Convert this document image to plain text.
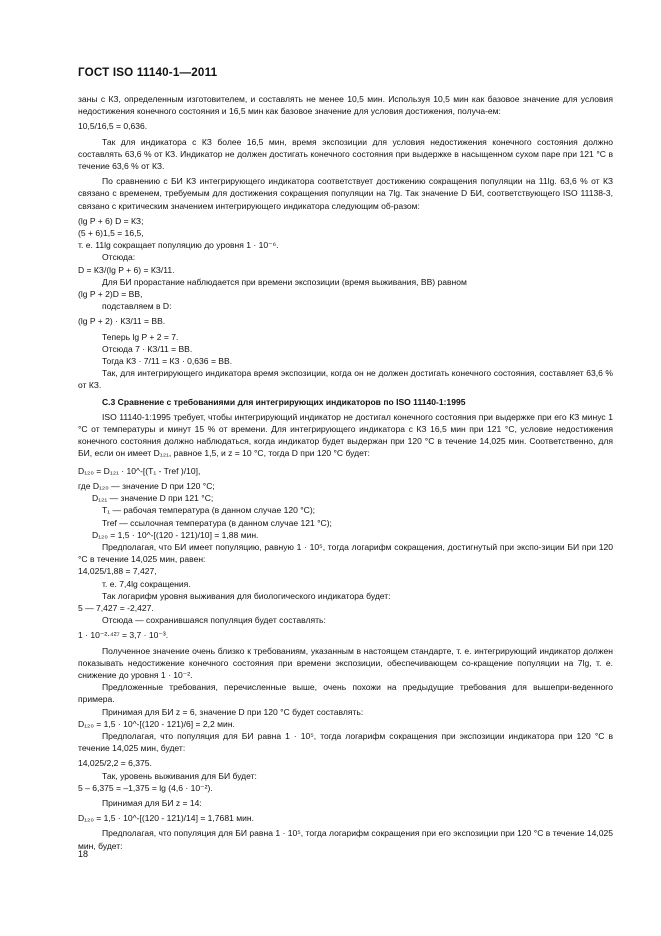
ГОСТ ISO 11140-1—2011

заны с КЗ, определенным изготовителем, и составлять не менее 10,5 мин. Используя 10,5 мин как базовое значение для условия недостижения конечного состояния и 16,5 мин как базовое значение для условия достижения, получа-ем:

10,5/16,5 = 0,636.

Так для индикатора с КЗ более 16,5 мин, время экспозиции для условия недостижения конечного состояния должно составлять 63,6 % от КЗ. Индикатор не должен достигать конечного состояния при выдержке в насыщенном сухом паре при 121 °С в течение 63,6 % от КЗ.

По сравнению с БИ КЗ интегрирующего индикатора соответствует достижению сокращения популяции на 11lg. 63,6 % от КЗ связано с временем, требуемым для достижения сокращения популяции на 7lg. Так значение D БИ, соответствующего ISO 11138-3, связано с критическим значением интегрирующего индикатора следующим об-разом:

(lg P + 6) D = КЗ;

(5 + 6)1,5 = 16,5,

т. е. 11lg сокращает популяцию до уровня 1 · 10⁻⁶.

Отсюда:

D = КЗ/(lg P + 6) = КЗ/11.

Для БИ прорастание наблюдается при времени экспозиции (время выживания, ВВ) равном

(lg P + 2)D = ВВ,

подставляем в D:

(lg P + 2) · КЗ/11 = ВВ.

Теперь lg P + 2 = 7.

Отсюда 7 · КЗ/11 = ВВ.

Тогда КЗ · 7/11 = КЗ · 0,636 = ВВ.

Так, для интегрирующего индикатора время экспозиции, когда он не должен достигать конечного состояния, составляет 63,6 % от КЗ.

С.3 Сравнение с требованиями для интегрирующих индикаторов по ISO 11140-1:1995

ISO 11140-1:1995 требует, чтобы интегрирующий индикатор не достигал конечного состояния при выдержке при его КЗ минус 1 °С от температуры и минут 15 % от времени. Для интегрирующего индикатора с КЗ 16,5 мин при 121 °С, условие недостижения конечного состояния должно наблюдаться, когда индикатор будет выдержан при 120 °С в течение 14,025 мин. Соответственно, для БИ, если он имеет D₁₂₁, равное 1,5, и z = 10 °С, тогда D при 120 °С будет:

D₁₂₀ = D₁₂₁ · 10^-[(T₁ - Tref )/10],

где D₁₂₀ — значение D при 120 °С;

D₁₂₁ — значение D при 121 °С;

T₁ — рабочая температура (в данном случае 120 °С);

Tref — ссылочная температура (в данном случае 121 °С);

D₁₂₀ = 1,5 · 10^-[(120 - 121)/10] = 1,88 мин.

Предполагая, что БИ имеет популяцию, равную 1 · 10⁵, тогда логарифм сокращения, достигнутый при экспо-зиции БИ при 120 °С в течение 14,025 мин, равен:

14,025/1,88 = 7,427,

т. е. 7,4lg сокращения.

Так логарифм уровня выживания для биологического индикатора будет:

5 — 7,427 = -2,427.

Отсюда — сохранившаяся популяция будет составлять:

1 · 10⁻²·⁴²⁷ = 3,7 · 10⁻³.

Полученное значение очень близко к требованиям, указанным в настоящем стандарте, т. е. интегрирующий индикатор должен показывать недостижение конечного состояния при времени экспозиции, обеспечивающем со-кращение популяции на 7lg, т. е. снижение до уровня 1 · 10⁻².

Предложенные требования, перечисленные выше, очень похожи на предыдущие требования для вышепри-веденного примера.

Принимая для БИ z = 6, значение D при 120 °С будет составлять:

D₁₂₀ = 1,5 · 10^-[(120 - 121)/6] = 2,2 мин.

Предполагая, что популяция для БИ равна 1 · 10⁵, тогда логарифм сокращения при экспозиции индикатора при 120 °С в течение 14,025 мин, будет:

14,025/2,2 = 6,375.

Так, уровень выживания для БИ будет:

5 – 6,375 = –1,375 = lg (4,6 · 10⁻²).

Принимая для БИ z = 14:

D₁₂₀ = 1,5 · 10^-[(120 - 121)/14] = 1,7681 мин.

Предполагая, что популяция для БИ равна 1 · 10⁵, тогда логарифм сокращения при его экспозиции при 120 °С в течение 14,025 мин, будет:

18
